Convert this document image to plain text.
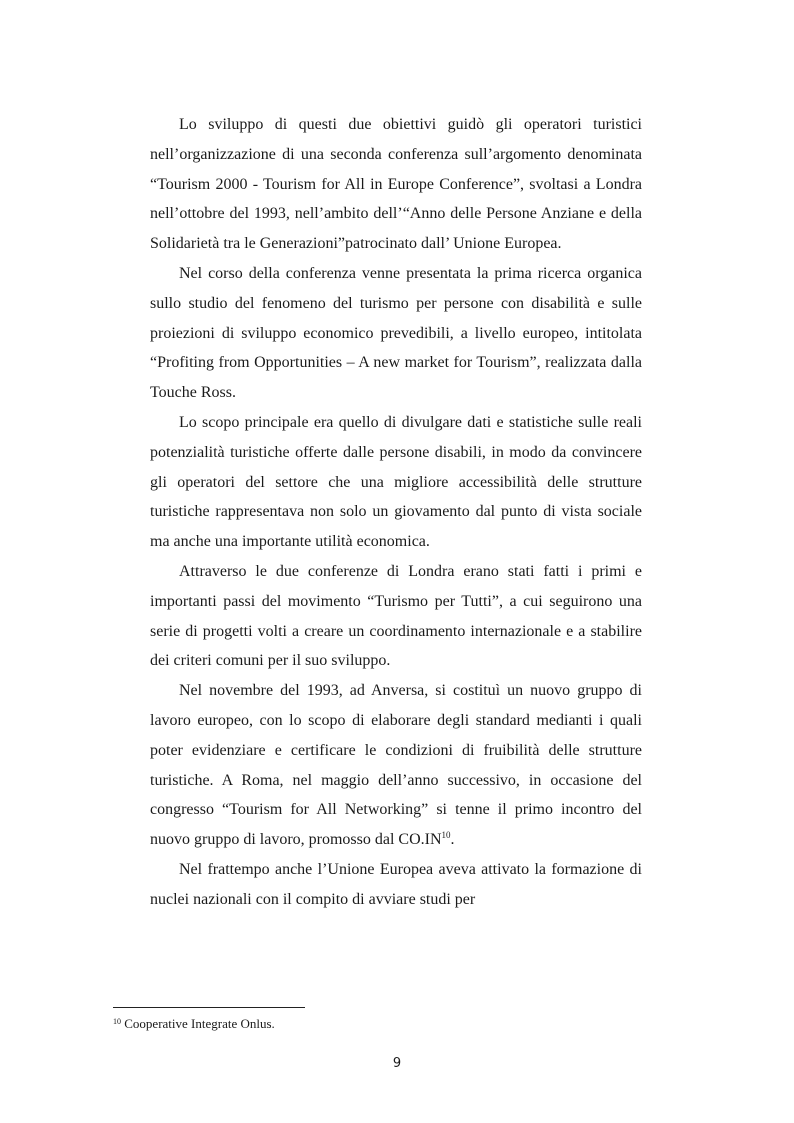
Lo sviluppo di questi due obiettivi guidò gli operatori turistici nell’organizzazione di una seconda conferenza sull’argomento denominata “Tourism 2000 - Tourism for All in Europe Conference”, svoltasi a Londra nell’ottobre del 1993, nell’ambito dell’“Anno delle Persone Anziane e della Solidarietà tra le Generazioni”patrocinato dall’ Unione Europea.

Nel corso della conferenza venne presentata la prima ricerca organica sullo studio del fenomeno del turismo per persone con disabilità e sulle proiezioni di sviluppo economico prevedibili, a livello europeo, intitolata “Profiting from Opportunities – A new market for Tourism”, realizzata dalla Touche Ross.

Lo scopo principale era quello di divulgare dati e statistiche sulle reali potenzialità turistiche offerte dalle persone disabili, in modo da convincere gli operatori del settore che una migliore accessibilità delle strutture turistiche rappresentava non solo un giovamento dal punto di vista sociale ma anche una importante utilità economica.

Attraverso le due conferenze di Londra erano stati fatti i primi e importanti passi del movimento “Turismo per Tutti”, a cui seguirono una serie di progetti volti a creare un coordinamento internazionale e a stabilire dei criteri comuni per il suo sviluppo.

Nel novembre del 1993, ad Anversa, si costituì un nuovo gruppo di lavoro europeo, con lo scopo di elaborare degli standard medianti i quali poter evidenziare e certificare le condizioni di fruibilità delle strutture turistiche. A Roma, nel maggio dell’anno successivo, in occasione del congresso “Tourism for All Networking” si tenne il primo incontro del nuovo gruppo di lavoro, promosso dal CO.IN$^{10}$.

Nel frattempo anche l’Unione Europea aveva attivato la formazione di nuclei nazionali con il compito di avviare studi per

$^{10}$ Cooperative Integrate Onlus.
9
